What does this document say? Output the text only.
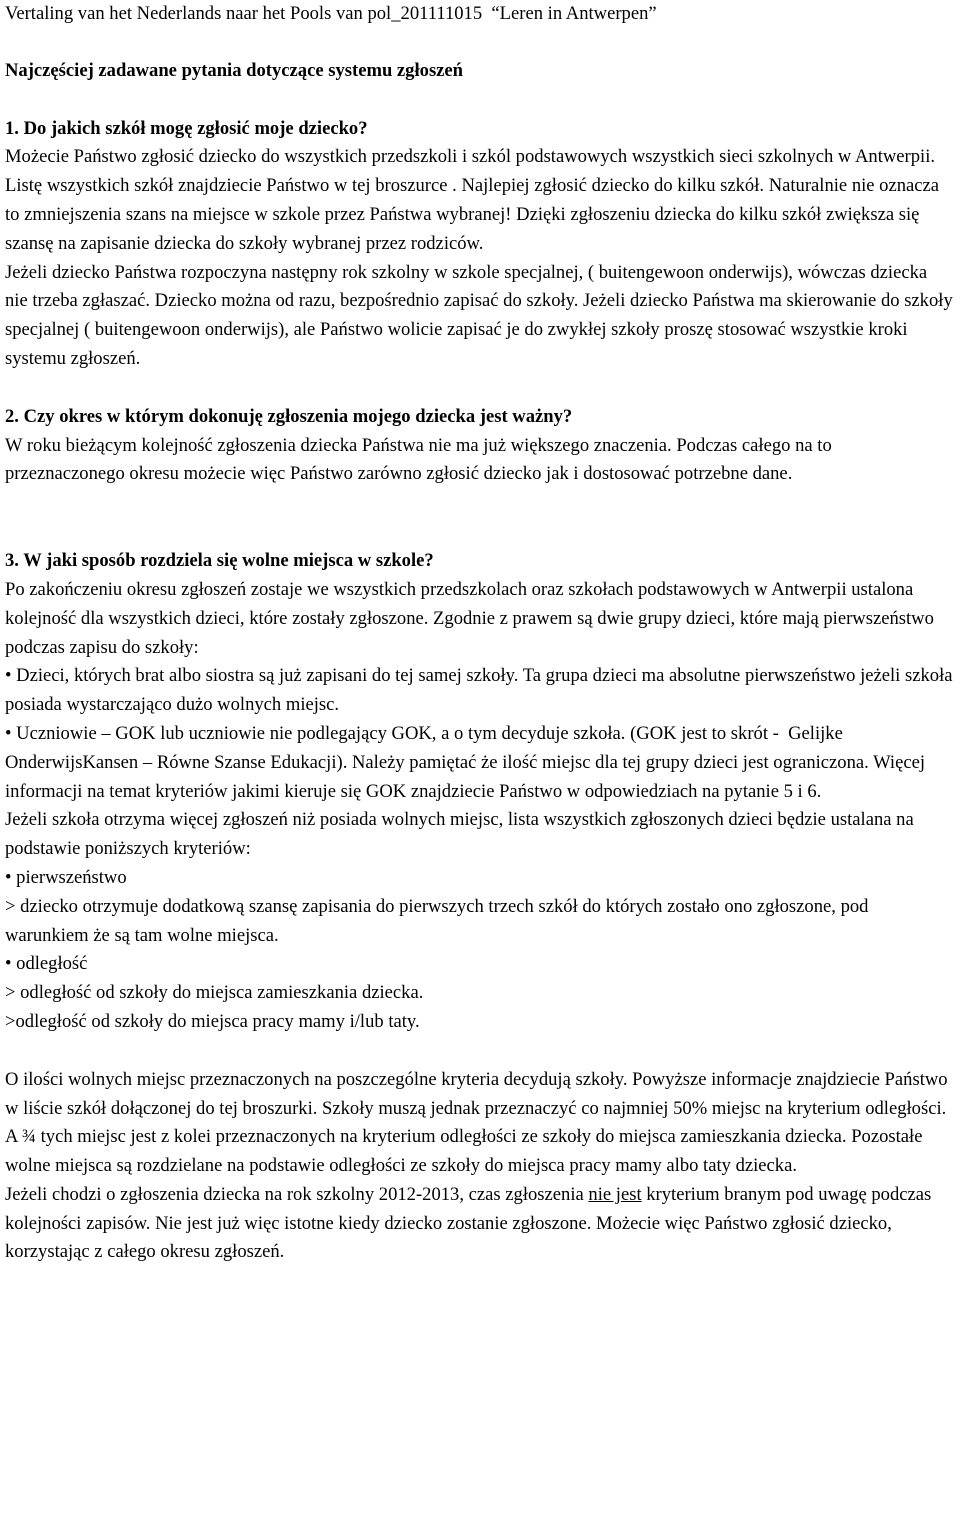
Vertaling van het Nederlands naar het Pools van pol_201111015  “Leren in Antwerpen”

Najczęściej zadawane pytania dotyczące systemu zgłoszeń

1. Do jakich szkół mogę zgłosić moje dziecko?

Możecie Państwo zgłosić dziecko do wszystkich przedszkoli i szkól podstawowych wszystkich sieci szkolnych w Antwerpii. Listę wszystkich szkół znajdziecie Państwo w tej broszurce . Najlepiej zgłosić dziecko do kilku szkół. Naturalnie nie oznacza to zmniejszenia szans na miejsce w szkole przez Państwa wybranej! Dzięki zgłoszeniu dziecka do kilku szkół zwiększa się szansę na zapisanie dziecka do szkoły wybranej przez rodziców.

Jeżeli dziecko Państwa rozpoczyna następny rok szkolny w szkole specjalnej, ( buitengewoon onderwijs), wówczas dziecka nie trzeba zgłaszać. Dziecko można od razu, bezpośrednio zapisać do szkoły. Jeżeli dziecko Państwa ma skierowanie do szkoły specjalnej ( buitengewoon onderwijs), ale Państwo wolicie zapisać je do zwykłej szkoły proszę stosować wszystkie kroki systemu zgłoszeń.

2. Czy okres w którym dokonuję zgłoszenia mojego dziecka jest ważny?

W roku bieżącym kolejność zgłoszenia dziecka Państwa nie ma już większego znaczenia. Podczas całego na to przeznaczonego okresu możecie więc Państwo zarówno zgłosić dziecko jak i dostosować potrzebne dane.

3. W jaki sposób rozdziela się wolne miejsca w szkole?

Po zakończeniu okresu zgłoszeń zostaje we wszystkich przedszkolach oraz szkołach podstawowych w Antwerpii ustalona kolejność dla wszystkich dzieci, które zostały zgłoszone. Zgodnie z prawem są dwie grupy dzieci, które mają pierwszeństwo podczas zapisu do szkoły:

• Dzieci, których brat albo siostra są już zapisani do tej samej szkoły. Ta grupa dzieci ma absolutne pierwszeństwo jeżeli szkoła posiada wystarczająco dużo wolnych miejsc.

• Uczniowie – GOK lub uczniowie nie podlegający GOK, a o tym decyduje szkoła. (GOK jest to skrót -  Gelijke OnderwijsKansen – Równe Szanse Edukacji). Należy pamiętać że ilość miejsc dla tej grupy dzieci jest ograniczona. Więcej informacji na temat kryteriów jakimi kieruje się GOK znajdziecie Państwo w odpowiedziach na pytanie 5 i 6.

Jeżeli szkoła otrzyma więcej zgłoszeń niż posiada wolnych miejsc, lista wszystkich zgłoszonych dzieci będzie ustalana na podstawie poniższych kryteriów:

• pierwszeństwo

> dziecko otrzymuje dodatkową szansę zapisania do pierwszych trzech szkół do których zostało ono zgłoszone, pod warunkiem że są tam wolne miejsca.

• odległość

> odległość od szkoły do miejsca zamieszkania dziecka.

>odległość od szkoły do miejsca pracy mamy i/lub taty.

O ilości wolnych miejsc przeznaczonych na poszczególne kryteria decydują szkoły. Powyższe informacje znajdziecie Państwo w liście szkół dołączonej do tej broszurki. Szkoły muszą jednak przeznaczyć co najmniej 50% miejsc na kryterium odległości.  A ¾ tych miejsc jest z kolei przeznaczonych na kryterium odległości ze szkoły do miejsca zamieszkania dziecka. Pozostałe wolne miejsca są rozdzielane na podstawie odległości ze szkoły do miejsca pracy mamy albo taty dziecka.

Jeżeli chodzi o zgłoszenia dziecka na rok szkolny 2012-2013, czas zgłoszenia nie jest kryterium branym pod uwagę podczas kolejności zapisów. Nie jest już więc istotne kiedy dziecko zostanie zgłoszone. Możecie więc Państwo zgłosić dziecko, korzystając z całego okresu zgłoszeń.
